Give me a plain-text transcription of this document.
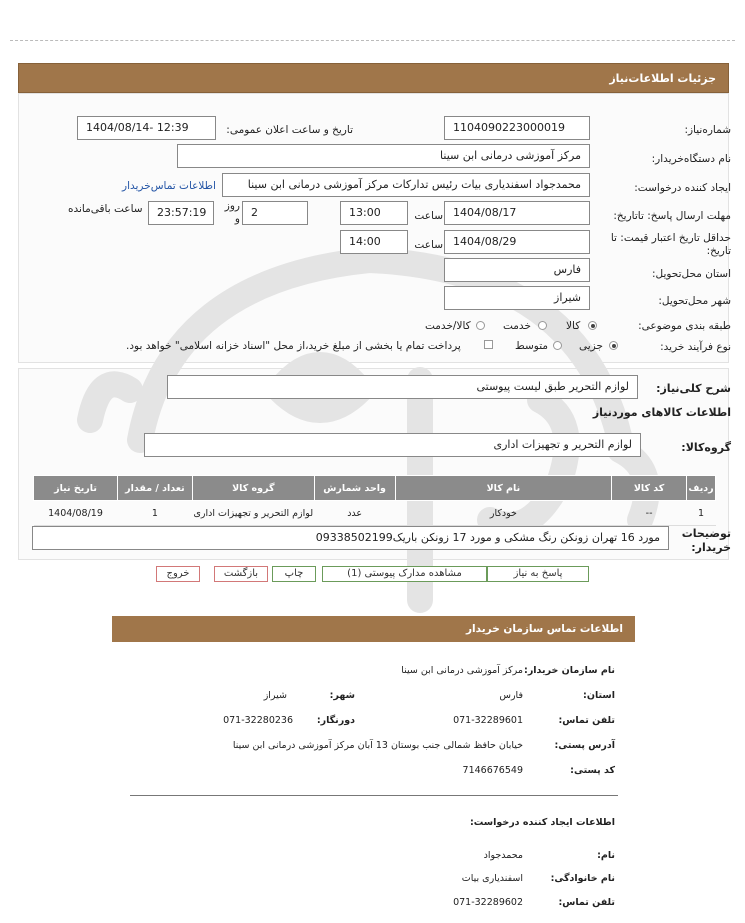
جزئیات اطلاعات‌نیاز
شماره‌نیاز:
1104090223000019
تاریخ و ساعت اعلان عمومی:
1404/08/14- 12:39
نام دستگاه‌خریدار:
مرکز آموزشی درمانی ابن سینا
ایجاد کننده درخواست:
محمدجواد اسفندیاری بیات رئیس تدارکات مرکز آموزشی درمانی ابن سینا
اطلاعات تماس‌خریدار
مهلت ارسال پاسخ: تاتاریخ:
1404/08/17
ساعت
13:00
2
روز و
23:57:19
ساعت باقی‌مانده
حداقل تاریخ اعتبار قیمت: تا
تاریخ:
1404/08/29
ساعت
14:00
استان محل‌تحویل:
فارس
شهر محل‌تحویل:
شیراز
طبقه بندی موضوعی:
کالا
خدمت
کالا/خدمت
نوع فرآیند خرید:
جزیی
متوسط
پرداخت تمام یا بخشی از مبلغ خرید،از محل "اسناد خزانه اسلامی" خواهد بود.
شرح کلی‌نیاز:
لوازم التحریر طبق لیست پیوستی
اطلاعات کالاهای موردنیاز
گروه‌کالا:
لوازم التحریر و تجهیزات اداری
ردیف	کد کالا	نام کالا	واحد شمارش	گروه کالا	تعداد / مقدار	تاریخ نیاز
1	--	خودکار	عدد	لوازم التحریر و تجهیزات اداری	1	1404/08/19
توضیحات
خریدار:
مورد 16 تهران زونکن رنگ مشکی و مورد 17 زونکن باریک09338502199
پاسخ به نیاز
مشاهده مدارک پیوستی (1)
چاپ
بازگشت
خروج
اطلاعات تماس سازمان خریدار
نام سازمان خریدار:
مرکز آموزشی درمانی ابن سینا
استان:
فارس
شهر:
شیراز
تلفن تماس:
071-32289601
دورنگار:
071-32280236
آدرس پستی:
خیابان حافظ شمالی جنب بوستان 13 آبان مرکز آموزشی درمانی ابن سینا
کد پستی:
7146676549
اطلاعات ایجاد کننده درخواست:
نام:
محمدجواد
نام خانوادگی:
اسفندیاری بیات
تلفن تماس:
071-32289602
